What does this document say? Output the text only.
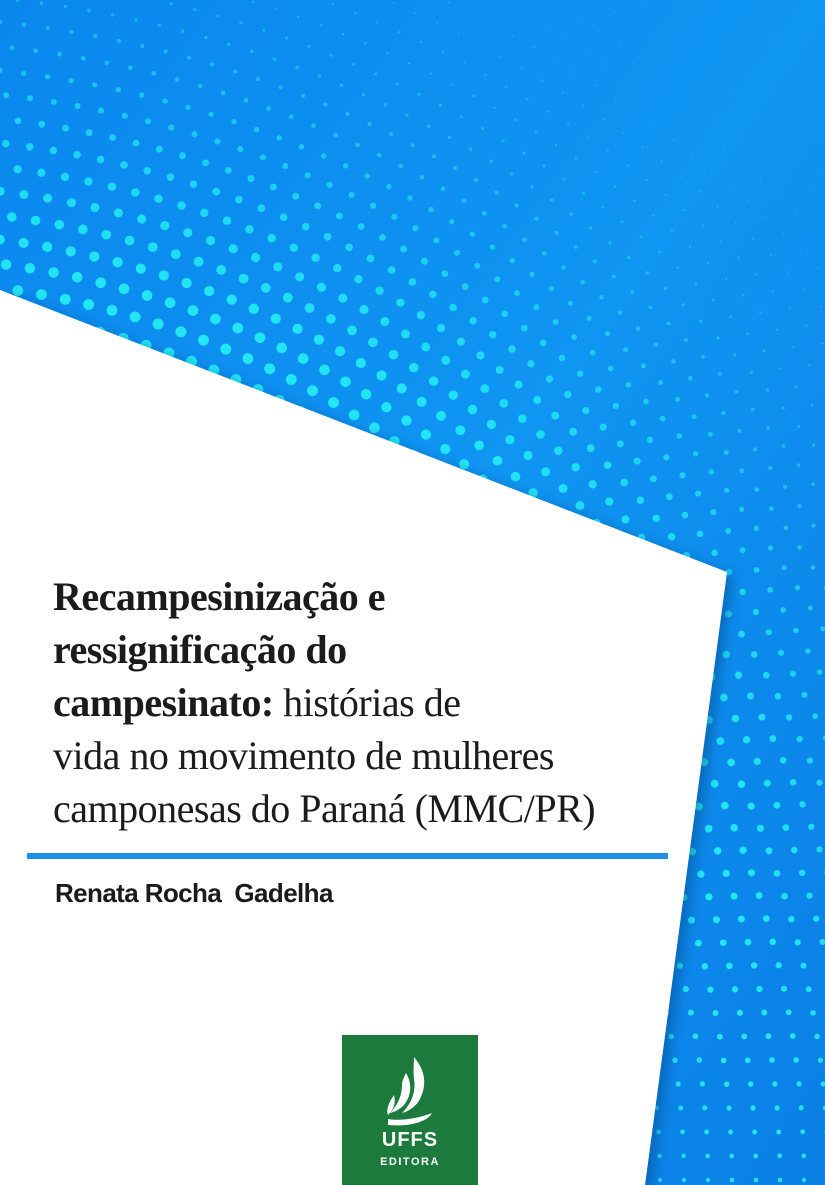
Recampesinização e
ressignificação do
campesinato: histórias de
vida no movimento de mulheres
camponesas do Paraná (MMC/PR)
Renata Rocha  Gadelha
UFFS
EDITORA
